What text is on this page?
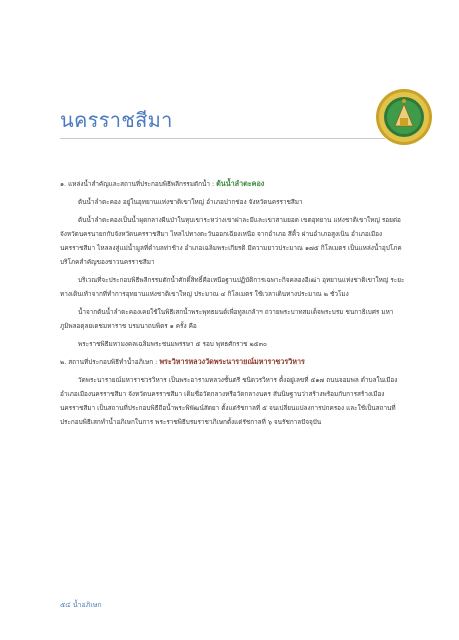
นครราชสีมา

๑. แหล่งน้ำสำคัญและสถานที่ประกอบพิธีพลีกรรมตักน้ำ : ต้นน้ำลำตะคอง

ต้นน้ำลำตะคอง อยู่ในอุทยานแห่งชาติเขาใหญ่ อำเภอปากช่อง จังหวัดนครราชสีมา

ต้นน้ำลำตะคองเป็นน้ำผุดกลางผืนป่าในหุบเขาระหว่างเขาฝาละมีและเขาสามยอด เขตอุทยาน แห่งชาติเขาใหญ่ รอยต่อจังหวัดนครนายกกับจังหวัดนครราชสีมา ไหลไปทางตะวันออกเฉียงเหนือ จากอำเภอ สีคิ้ว ผ่านอำเภอสูงเนิน อำเภอเมืองนครราชสีมา ไหลลงสู่แม่น้ำมูลที่ตำบลท่าช้าง อำเภอเฉลิมพระเกียรติ มีความยาวประมาณ ๑๗๕ กิโลเมตร เป็นแหล่งน้ำอุปโภคบริโภคสำคัญของชาวนครราชสีมา

บริเวณที่จะประกอบพิธีพลีกรรมตักน้ำศักดิ์สิทธิ์คือเหนือฐานปฏิบัติการเฉพาะกิจคลองอีเฒ่า อุทยานแห่งชาติเขาใหญ่ ระยะทางเดินเท้าจากที่ทำการอุทยานแห่งชาติเขาใหญ่ ประมาณ ๔ กิโลเมตร ใช้เวลาเดินทางประมาณ ๒ ชั่วโมง

น้ำจากต้นน้ำลำตะคองเคยใช้ในพิธีเสกน้ำพระพุทธมนต์เพื่อทูลเกล้าฯ ถวายพระบาทสมเด็จพระบรม ชนกาธิเบศร มหาภูมิพลอดุลยเดชมหาราช บรมนาถบพิตร ๑ ครั้ง คือ

พระราชพิธีมหามงคลเฉลิมพระชนมพรรษา ๕ รอบ พุทธศักราช ๒๕๓๐

๒. สถานที่ประกอบพิธีทำน้ำอภิเษก : พระวิหารหลวงวัดพระนารายณ์มหาราชวรวิหาร

วัดพระนารายณ์มหาราชวรวิหาร เป็นพระอารามหลวงชั้นตรี ชนิดวรวิหาร ตั้งอยู่เลขที่ ๕๑๗ ถนนจอมพล ตำบลในเมือง อำเภอเมืองนครราชสีมา จังหวัดนครราชสีมา เดิมชื่อวัดกลางหรือวัดกลางนคร สันนิษฐานว่าสร้างพร้อมกับการสร้างเมืองนครราชสีมา เป็นสถานที่ประกอบพิธีถือน้ำพระพิพัฒน์สัตยา ตั้งแต่รัชกาลที่ ๕ จนเปลี่ยนแปลงการปกครอง และใช้เป็นสถานที่ประกอบพิธีเสกทำน้ำอภิเษกในการ พระราชพิธีบรมราชาภิเษกตั้งแต่รัชกาลที่ ๖ จนรัชกาลปัจจุบัน

๕๔ น้ำอภิเษก
